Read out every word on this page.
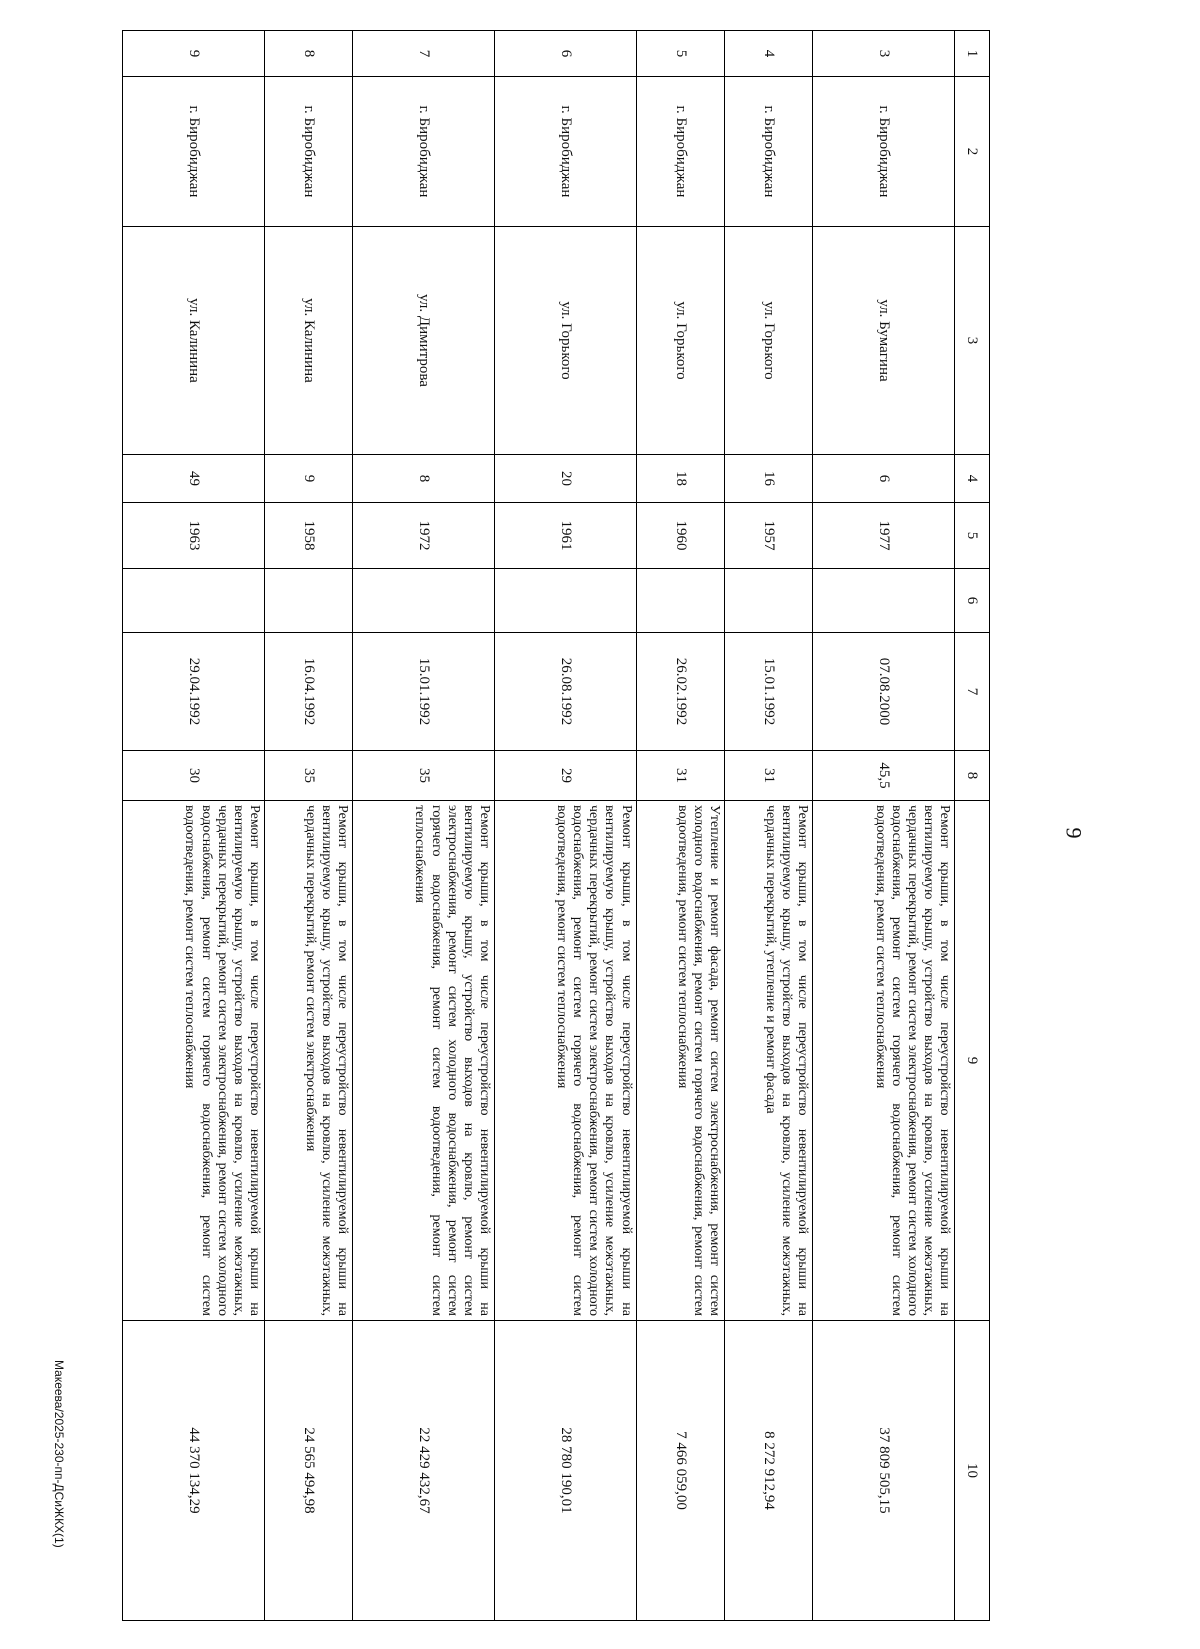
9
1	2	3	4	5	6	7	8	9	10
3	г. Биробиджан	ул. Бумагина	6	1977		07.08.2000	45,5	Ремонт крыши, в том числе переустройство невентилируемой крыши на вентилируемую крышу, устройство выходов на кровлю, усиление межэтажных, чердачных перекрытий, ремонт систем электроснабжения, ремонт систем холодного водоснабжения, ремонт систем горячего водоснабжения, ремонт систем водоотведения, ремонт систем теплоснабжения	37 809 505,15
4	г. Биробиджан	ул. Горького	16	1957		15.01.1992	31	Ремонт крыши, в том числе переустройство невентилируемой крыши на вентилируемую крышу, устройство выходов на кровлю, усиление межэтажных, чердачных перекрытий, утепление и ремонт фасада	8 272 912,94
5	г. Биробиджан	ул. Горького	18	1960		26.02.1992	31	Утепление и ремонт фасада, ремонт систем электроснабжения, ремонт систем холодного водоснабжения, ремонт систем горячего водоснабжения, ремонт систем водоотведения, ремонт систем теплоснабжения	7 466 059,00
6	г. Биробиджан	ул. Горького	20	1961		26.08.1992	29	Ремонт крыши, в том числе переустройство невентилируемой крыши на вентилируемую крышу, устройство выходов на кровлю, усиление межэтажных, чердачных перекрытий, ремонт систем электроснабжения, ремонт систем холодного водоснабжения, ремонт систем горячего водоснабжения, ремонт систем водоотведения, ремонт систем теплоснабжения	28 780 190,01
7	г. Биробиджан	ул. Димитрова	8	1972		15.01.1992	35	Ремонт крыши, в том числе переустройство невентилируемой крыши на вентилируемую крышу, устройство выходов на кровлю, ремонт систем электроснабжения, ремонт систем холодного водоснабжения, ремонт систем горячего водоснабжения, ремонт систем водоотведения, ремонт систем теплоснабжения	22 429 432,67
8	г. Биробиджан	ул. Калинина	9	1958		16.04.1992	35	Ремонт крыши, в том числе переустройство невентилируемой крыши на вентилируемую крышу, устройство выходов на кровлю, усиление межэтажных, чердачных перекрытий, ремонт систем электроснабжения	24 565 494,98
9	г. Биробиджан	ул. Калинина	49	1963		29.04.1992	30	Ремонт крыши, в том числе переустройство невентилируемой крыши на вентилируемую крышу, устройство выходов на кровлю, усиление межэтажных, чердачных перекрытий, ремонт систем электроснабжения, ремонт систем холодного водоснабжения, ремонт систем горячего водоснабжения, ремонт систем водоотведения, ремонт систем теплоснабжения	44 370 134,29
Макеева/2025-230-пп-ДСиЖКХ(1)
